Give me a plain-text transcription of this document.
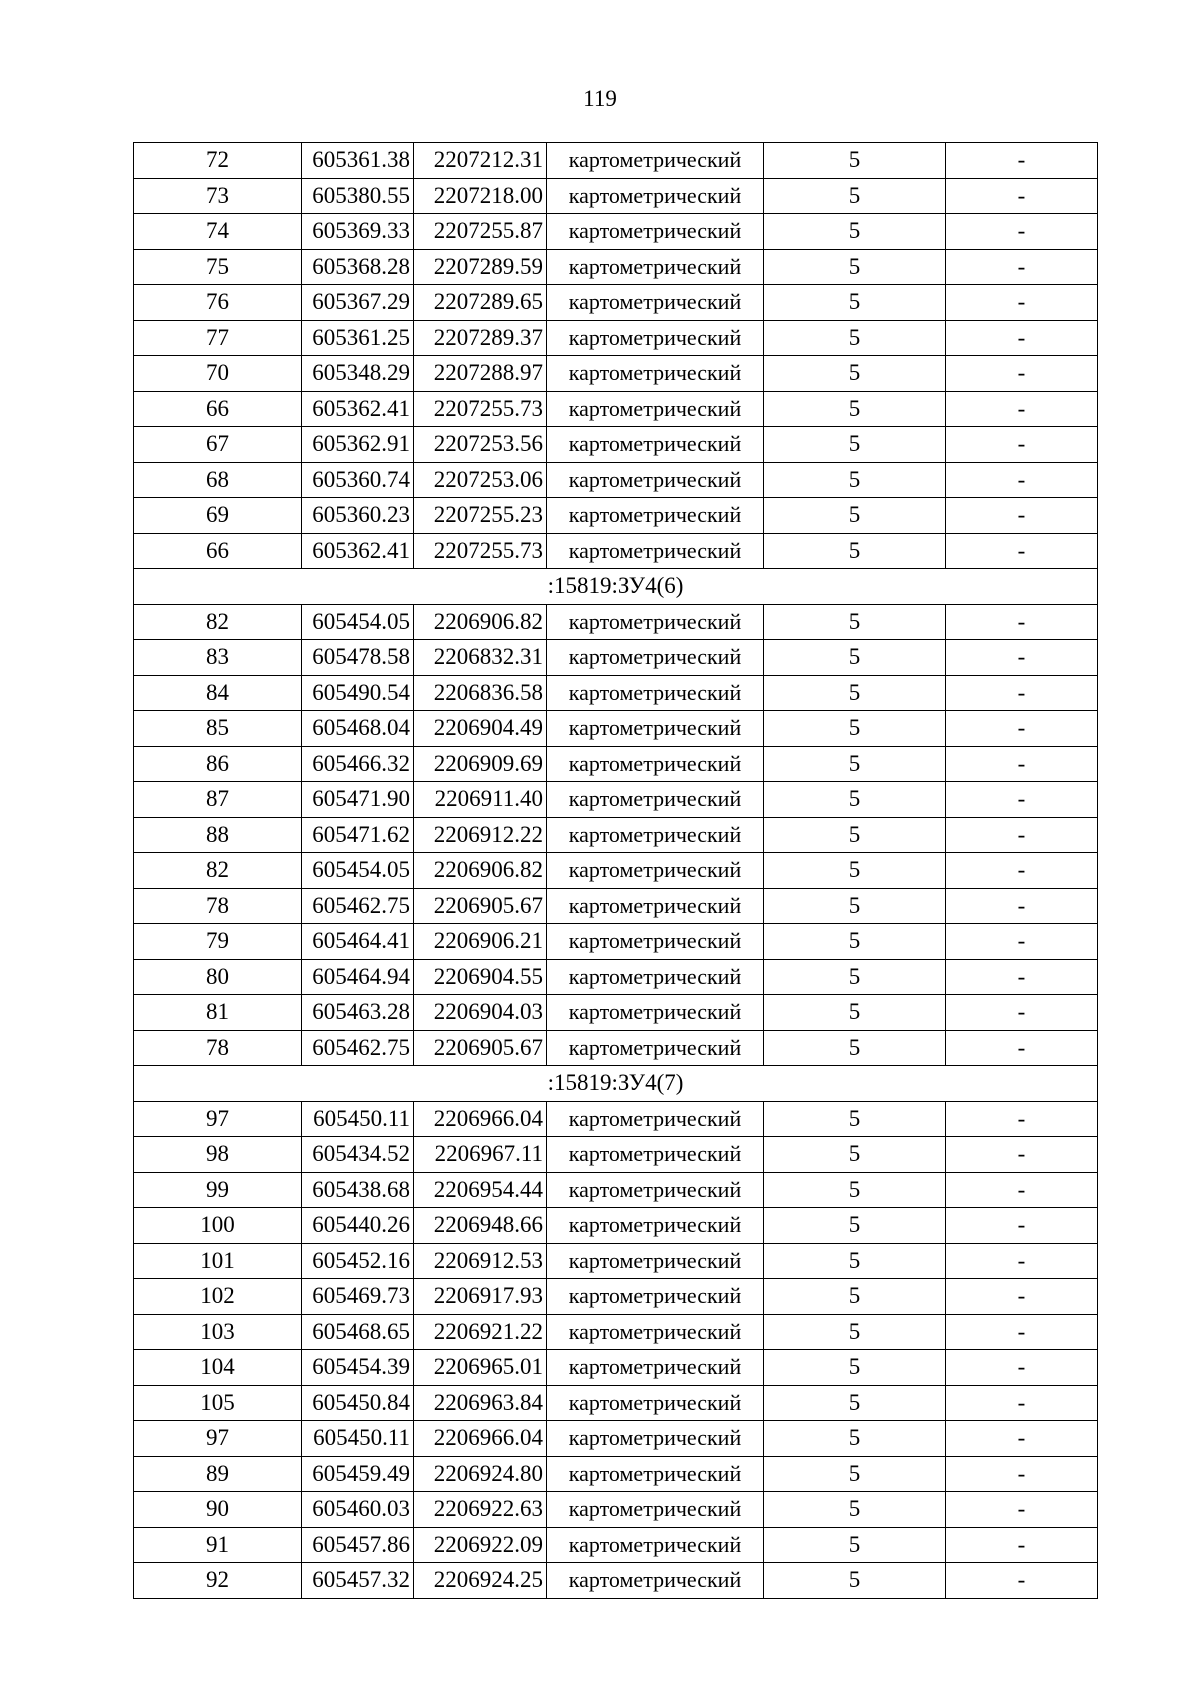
119
72	605361.38	2207212.31	картометрический	5	-
73	605380.55	2207218.00	картометрический	5	-
74	605369.33	2207255.87	картометрический	5	-
75	605368.28	2207289.59	картометрический	5	-
76	605367.29	2207289.65	картометрический	5	-
77	605361.25	2207289.37	картометрический	5	-
70	605348.29	2207288.97	картометрический	5	-
66	605362.41	2207255.73	картометрический	5	-
67	605362.91	2207253.56	картометрический	5	-
68	605360.74	2207253.06	картометрический	5	-
69	605360.23	2207255.23	картометрический	5	-
66	605362.41	2207255.73	картометрический	5	-
:15819:ЗУ4(6)					
82	605454.05	2206906.82	картометрический	5	-
83	605478.58	2206832.31	картометрический	5	-
84	605490.54	2206836.58	картометрический	5	-
85	605468.04	2206904.49	картометрический	5	-
86	605466.32	2206909.69	картометрический	5	-
87	605471.90	2206911.40	картометрический	5	-
88	605471.62	2206912.22	картометрический	5	-
82	605454.05	2206906.82	картометрический	5	-
78	605462.75	2206905.67	картометрический	5	-
79	605464.41	2206906.21	картометрический	5	-
80	605464.94	2206904.55	картометрический	5	-
81	605463.28	2206904.03	картометрический	5	-
78	605462.75	2206905.67	картометрический	5	-
:15819:ЗУ4(7)					
97	605450.11	2206966.04	картометрический	5	-
98	605434.52	2206967.11	картометрический	5	-
99	605438.68	2206954.44	картометрический	5	-
100	605440.26	2206948.66	картометрический	5	-
101	605452.16	2206912.53	картометрический	5	-
102	605469.73	2206917.93	картометрический	5	-
103	605468.65	2206921.22	картометрический	5	-
104	605454.39	2206965.01	картометрический	5	-
105	605450.84	2206963.84	картометрический	5	-
97	605450.11	2206966.04	картометрический	5	-
89	605459.49	2206924.80	картометрический	5	-
90	605460.03	2206922.63	картометрический	5	-
91	605457.86	2206922.09	картометрический	5	-
92	605457.32	2206924.25	картометрический	5	-
